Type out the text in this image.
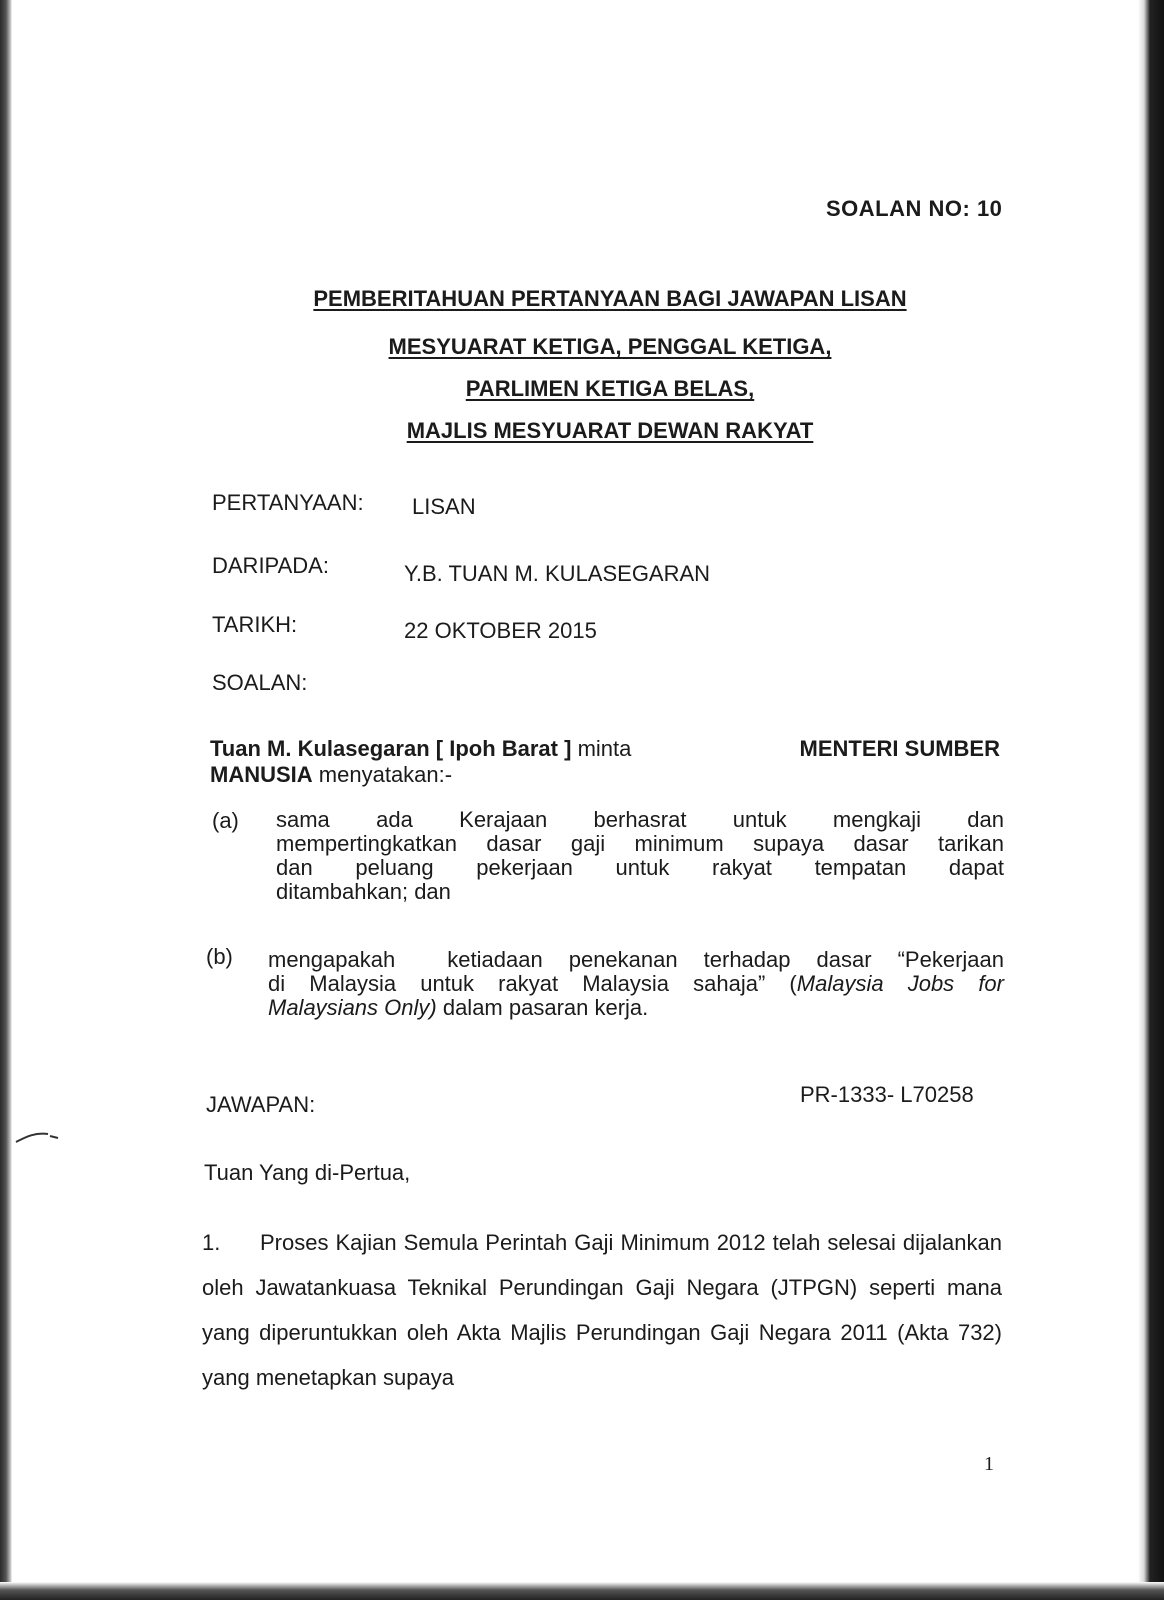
SOALAN NO: 10
PEMBERITAHUAN PERTANYAAN BAGI JAWAPAN LISAN
MESYUARAT KETIGA, PENGGAL KETIGA,
PARLIMEN KETIGA BELAS,
MAJLIS MESYUARAT DEWAN RAKYAT
PERTANYAAN: LISAN
DARIPADA:	Y.B. TUAN M. KULASEGARAN
TARIKH:	22 OKTOBER 2015
SOALAN:
Tuan M. Kulasegaran [ Ipoh Barat ] minta	MENTERI SUMBER
MANUSIA menyatakan:-
(a) sama ada Kerajaan berhasrat untuk mengkaji dan
mempertingkatkan dasar gaji minimum supaya dasar tarikan
dan peluang pekerjaan untuk rakyat tempatan dapat
ditambahkan; dan
(b) mengapakah  ketiadaan penekanan terhadap dasar “Pekerjaan
di Malaysia untuk rakyat Malaysia sahaja” (Malaysia Jobs for
Malaysians Only) dalam pasaran kerja.
JAWAPAN:	PR-1333- L70258
Tuan Yang di-Pertua,
1. Proses Kajian Semula Perintah Gaji Minimum 2012 telah selesai dijalankan oleh Jawatankuasa Teknikal Perundingan Gaji Negara (JTPGN) seperti mana yang diperuntukkan oleh Akta Majlis Perundingan Gaji Negara 2011 (Akta 732) yang menetapkan supaya
1
